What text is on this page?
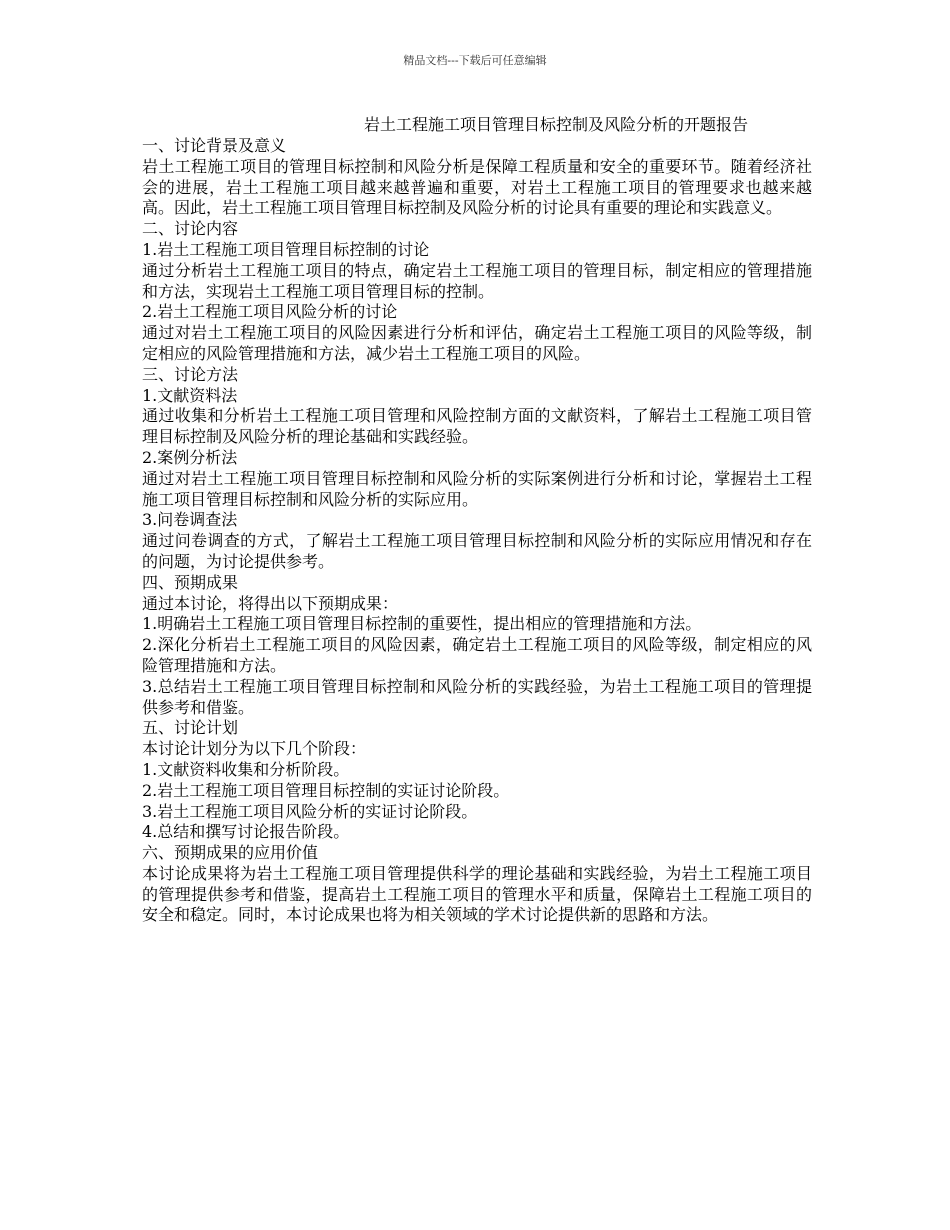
精品文档---下载后可任意编辑
岩土工程施工项目管理目标控制及风险分析的开题报告

一、讨论背景及意义

岩土工程施工项目的管理目标控制和风险分析是保障工程质量和安全的重要环节。随着经济社会的进展，岩土工程施工项目越来越普遍和重要，对岩土工程施工项目的管理要求也越来越高。因此，岩土工程施工项目管理目标控制及风险分析的讨论具有重要的理论和实践意义。

二、讨论内容

1.岩土工程施工项目管理目标控制的讨论

通过分析岩土工程施工项目的特点，确定岩土工程施工项目的管理目标，制定相应的管理措施和方法，实现岩土工程施工项目管理目标的控制。

2.岩土工程施工项目风险分析的讨论

通过对岩土工程施工项目的风险因素进行分析和评估，确定岩土工程施工项目的风险等级，制定相应的风险管理措施和方法，减少岩土工程施工项目的风险。

三、讨论方法

1.文献资料法

通过收集和分析岩土工程施工项目管理和风险控制方面的文献资料，了解岩土工程施工项目管理目标控制及风险分析的理论基础和实践经验。

2.案例分析法

通过对岩土工程施工项目管理目标控制和风险分析的实际案例进行分析和讨论，掌握岩土工程施工项目管理目标控制和风险分析的实际应用。

3.问卷调查法

通过问卷调查的方式，了解岩土工程施工项目管理目标控制和风险分析的实际应用情况和存在的问题，为讨论提供参考。

四、预期成果

通过本讨论，将得出以下预期成果：

1.明确岩土工程施工项目管理目标控制的重要性，提出相应的管理措施和方法。

2.深化分析岩土工程施工项目的风险因素，确定岩土工程施工项目的风险等级，制定相应的风险管理措施和方法。

3.总结岩土工程施工项目管理目标控制和风险分析的实践经验，为岩土工程施工项目的管理提供参考和借鉴。

五、讨论计划

本讨论计划分为以下几个阶段：

1.文献资料收集和分析阶段。

2.岩土工程施工项目管理目标控制的实证讨论阶段。

3.岩土工程施工项目风险分析的实证讨论阶段。

4.总结和撰写讨论报告阶段。

六、预期成果的应用价值

本讨论成果将为岩土工程施工项目管理提供科学的理论基础和实践经验，为岩土工程施工项目的管理提供参考和借鉴，提高岩土工程施工项目的管理水平和质量，保障岩土工程施工项目的安全和稳定。同时，本讨论成果也将为相关领域的学术讨论提供新的思路和方法。
